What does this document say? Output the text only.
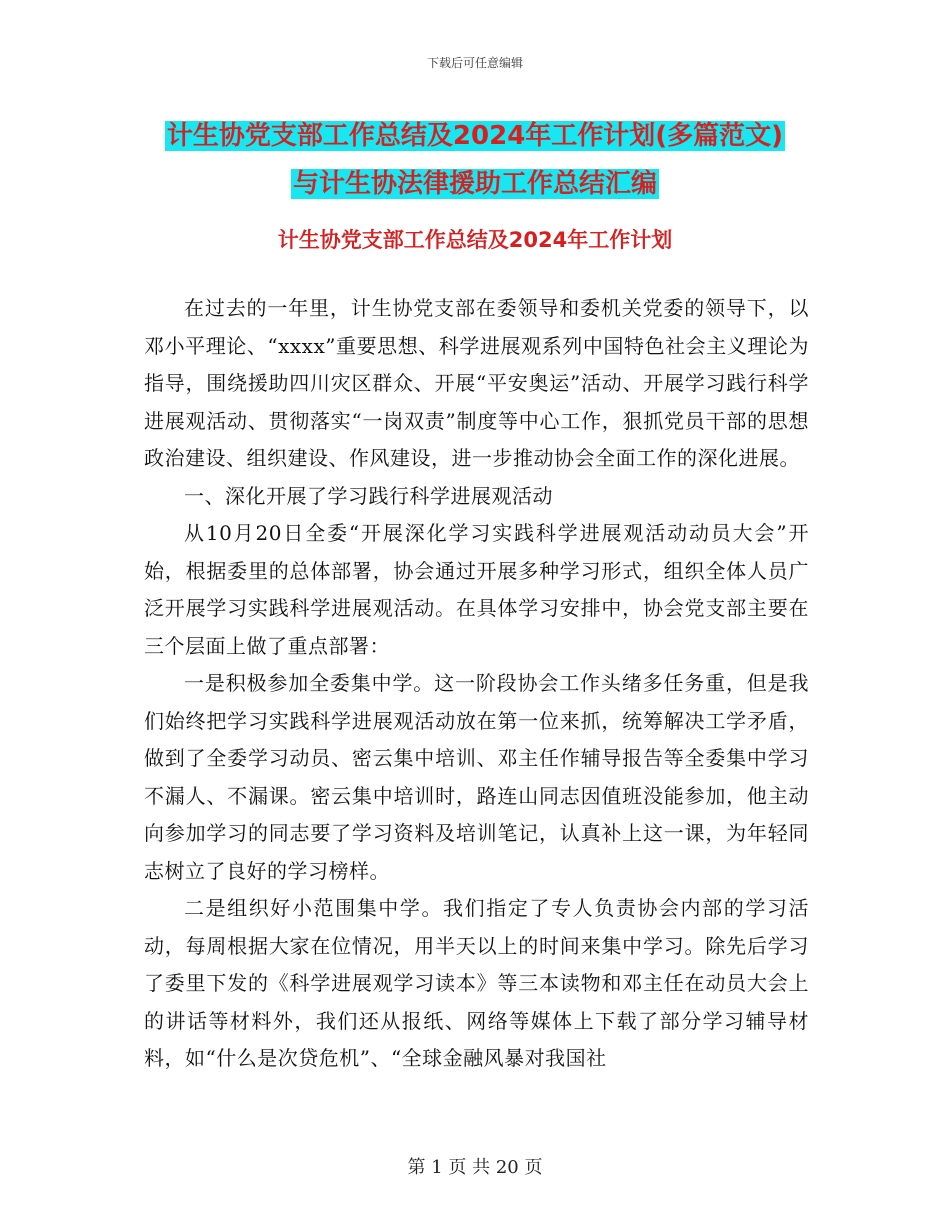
下载后可任意编辑
计生协党支部工作总结及2024年工作计划(多篇范文)
与计生协法律援助工作总结汇编
计生协党支部工作总结及2024年工作计划

在过去的一年里，计生协党支部在委领导和委机关党委的领导下，以邓小平理论、“xxxx”重要思想、科学进展观系列中国特色社会主义理论为指导，围绕援助四川灾区群众、开展“平安奥运”活动、开展学习践行科学进展观活动、贯彻落实“一岗双责”制度等中心工作，狠抓党员干部的思想政治建设、组织建设、作风建设，进一步推动协会全面工作的深化进展。

一、深化开展了学习践行科学进展观活动

从10月20日全委“开展深化学习实践科学进展观活动动员大会”开始，根据委里的总体部署，协会通过开展多种学习形式，组织全体人员广泛开展学习实践科学进展观活动。在具体学习安排中，协会党支部主要在三个层面上做了重点部署：

一是积极参加全委集中学。这一阶段协会工作头绪多任务重，但是我们始终把学习实践科学进展观活动放在第一位来抓，统筹解决工学矛盾，做到了全委学习动员、密云集中培训、邓主任作辅导报告等全委集中学习不漏人、不漏课。密云集中培训时，路连山同志因值班没能参加，他主动向参加学习的同志要了学习资料及培训笔记，认真补上这一课，为年轻同志树立了良好的学习榜样。

二是组织好小范围集中学。我们指定了专人负责协会内部的学习活动，每周根据大家在位情况，用半天以上的时间来集中学习。除先后学习了委里下发的《科学进展观学习读本》等三本读物和邓主任在动员大会上的讲话等材料外，我们还从报纸、网络等媒体上下载了部分学习辅导材料，如“什么是次贷危机”、“全球金融风暴对我国社

第 1 页 共 20 页
